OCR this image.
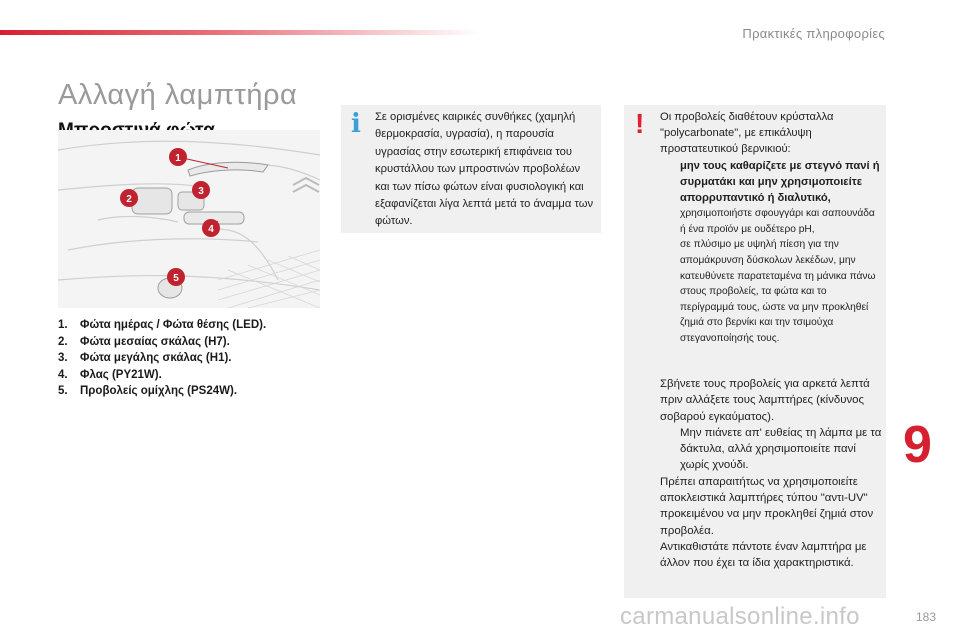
Πρακτικές πληροφορίες
Αλλαγή λαμπτήρα
1
2
3
4
5
1. Φώτα ημέρας / Φώτα θέσης (LED).
2. Φώτα μεσαίας σκάλας (H7).
3. Φώτα μεγάλης σκάλας (H1).
4. Φλας (PY21W).
5. Προβολείς ομίχλης (PS24W).
i Σε ορισμένες καιρικές συνθήκες (χαμηλή θερμοκρασία, υγρασία), η παρουσία υγρασίας στην εσωτερική επιφάνεια του κρυστάλλου των μπροστινών προβολέων και των πίσω φώτων είναι φυσιολογική και εξαφανίζεται λίγα λεπτά μετά το άναμμα των φώτων.
! Οι προβολείς διαθέτουν κρύσταλλα "polycarbonate", με επικάλυψη προστατευτικού βερνικιού:
μην τους καθαρίζετε με στεγνό πανί ή συρματάκι και μην χρησιμοποιείτε απορρυπαντικό ή διαλυτικό,
χρησιμοποιήστε σφουγγάρι και σαπουνάδα ή ένα προϊόν με ουδέτερο pH,
σε πλύσιμο με υψηλή πίεση για την απομάκρυνση δύσκολων λεκέδων, μην κατευθύνετε παρατεταμένα τη μάνικα πάνω στους προβολείς, τα φώτα και το περίγραμμά τους, ώστε να μην προκληθεί ζημιά στο βερνίκι και την τσιμούχα στεγανοποίησής τους.
Σβήνετε τους προβολείς για αρκετά λεπτά πριν αλλάξετε τους λαμπτήρες (κίνδυνος σοβαρού εγκαύματος).
Μην πιάνετε απ' ευθείας τη λάμπα με τα δάκτυλα, αλλά χρησιμοποιείτε πανί χωρίς χνούδι.
Πρέπει απαραιτήτως να χρησιμοποιείτε αποκλειστικά λαμπτήρες τύπου "αντι-UV" προκειμένου να μην προκληθεί ζημιά στον προβολέα.
Αντικαθιστάτε πάντοτε έναν λαμπτήρα με άλλον που έχει τα ίδια χαρακτηριστικά.
9
carmanualsonline.info	183
